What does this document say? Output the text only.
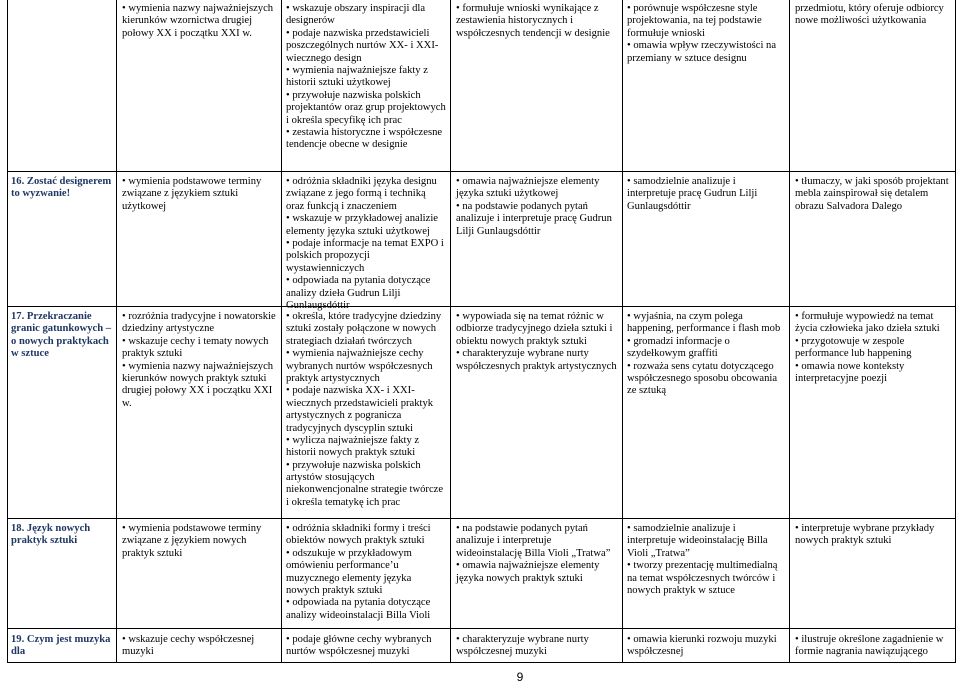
• wymienia nazwy najważniejszych kierunków wzornictwa drugiej połowy XX i początku XXI w.
• wskazuje obszary inspiracji dla designerów
• podaje nazwiska przedstawicieli poszczególnych nurtów XX- i XXI-wiecznego design
• wymienia najważniejsze fakty z historii sztuki użytkowej
• przywołuje nazwiska polskich projektantów oraz grup projektowych i określa specyfikę ich prac
• zestawia historyczne i współczesne tendencje obecne w designie
• formułuje wnioski wynikające z zestawienia historycznych i współczesnych tendencji w designie
• porównuje współczesne style projektowania, na tej podstawie formułuje wnioski
• omawia wpływ rzeczywistości na przemiany w sztuce designu
przedmiotu, który oferuje odbiorcy nowe możliwości użytkowania
16. Zostać designerem to wyzwanie!
• wymienia podstawowe terminy związane z językiem sztuki użytkowej
• odróżnia składniki języka designu związane z jego formą i techniką oraz funkcją i znaczeniem
• wskazuje w przykładowej analizie elementy języka sztuki użytkowej
• podaje informacje na temat EXPO i polskich propozycji wystawienniczych
• odpowiada na pytania dotyczące analizy dzieła Gudrun Lilji Gunlaugsdóttir
• omawia najważniejsze elementy języka sztuki użytkowej
• na podstawie podanych pytań analizuje i interpretuje pracę Gudrun Lilji Gunlaugsdóttir
• samodzielnie analizuje i interpretuje pracę Gudrun Lilji Gunlaugsdóttir
• tłumaczy, w jaki sposób projektant mebla zainspirował się detalem obrazu Salvadora Dalego
17. Przekraczanie granic gatunkowych – o nowych praktykach w sztuce
• rozróżnia tradycyjne i nowatorskie dziedziny artystyczne
• wskazuje cechy i tematy nowych praktyk sztuki
• wymienia nazwy najważniejszych kierunków nowych praktyk sztuki drugiej połowy XX i początku XXI w.
• określa, które tradycyjne dziedziny sztuki zostały połączone w nowych strategiach działań twórczych
• wymienia najważniejsze cechy wybranych nurtów współczesnych praktyk artystycznych
• podaje nazwiska XX- i XXI-wiecznych przedstawicieli praktyk artystycznych z pogranicza tradycyjnych dyscyplin sztuki
• wylicza najważniejsze fakty z historii nowych praktyk sztuki
• przywołuje nazwiska polskich artystów stosujących niekonwencjonalne strategie twórcze i określa tematykę ich prac
• wypowiada się na temat różnic w odbiorze tradycyjnego dzieła sztuki i obiektu nowych praktyk sztuki
• charakteryzuje wybrane nurty współczesnych praktyk artystycznych
• wyjaśnia, na czym polega happening, performance i flash mob
• gromadzi informacje o szydełkowym graffiti
• rozważa sens cytatu dotyczącego współczesnego sposobu obcowania ze sztuką
• formułuje wypowiedź na temat życia człowieka jako dzieła sztuki
• przygotowuje w zespole performance lub happening
• omawia nowe konteksty interpretacyjne poezji
18. Język nowych praktyk sztuki
• wymienia podstawowe terminy związane z językiem nowych praktyk sztuki
• odróżnia składniki formy i treści obiektów nowych praktyk sztuki
• odszukuje w przykładowym omówieniu performance’u muzycznego elementy języka nowych praktyk sztuki
• odpowiada na pytania dotyczące analizy wideoinstalacji Billa Violi
• na podstawie podanych pytań analizuje i interpretuje wideoinstalację Billa Violi „Tratwa”
• omawia najważniejsze elementy języka nowych praktyk sztuki
• samodzielnie analizuje i interpretuje wideoinstalację Billa Violi „Tratwa”
• tworzy prezentację multimedialną na temat współczesnych twórców i nowych praktyk w sztuce
• interpretuje wybrane przykłady nowych praktyk sztuki
19. Czym jest muzyka dla
• wskazuje cechy współczesnej muzyki
• podaje główne cechy wybranych nurtów współczesnej muzyki
• charakteryzuje wybrane nurty współczesnej muzyki
• omawia kierunki rozwoju muzyki współczesnej
• ilustruje określone zagadnienie w formie nagrania nawiązującego
9
